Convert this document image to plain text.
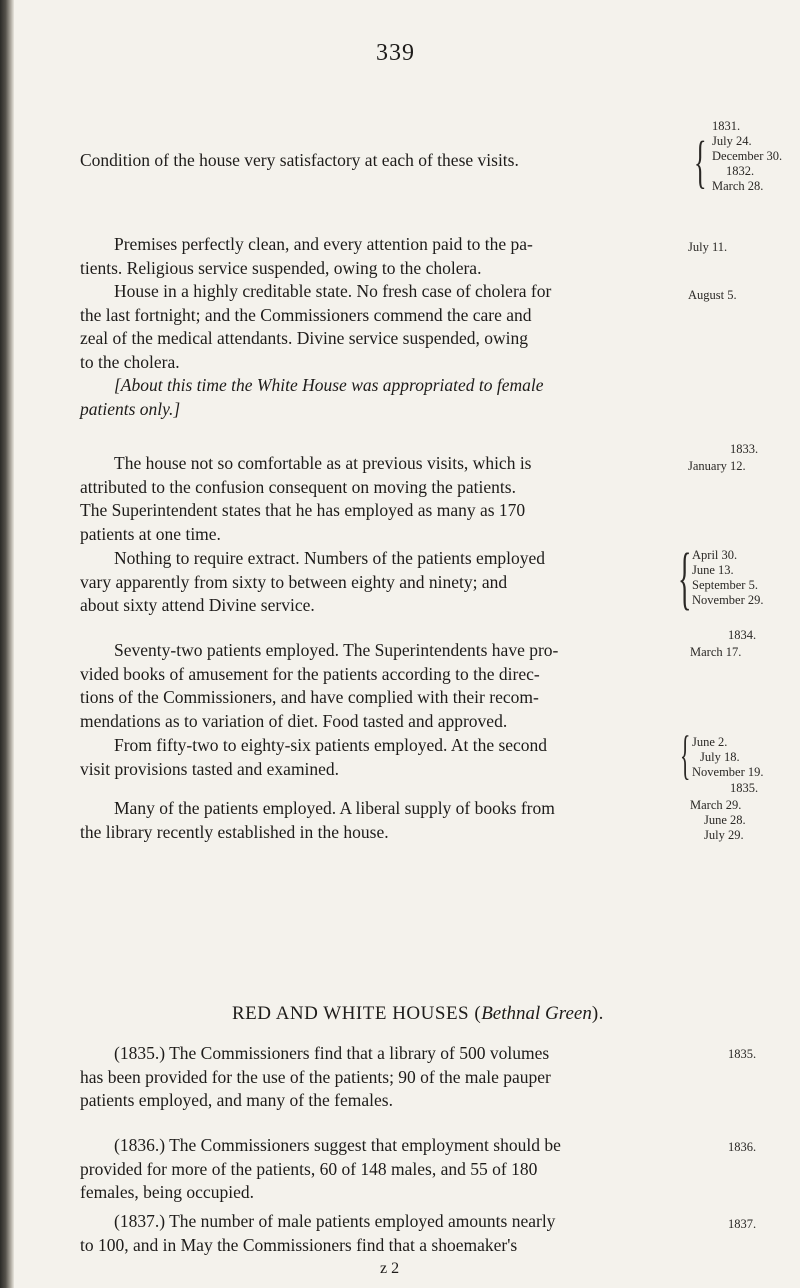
339
Condition of the house very satisfactory at each of these visits.
1831.
{ July 24.
December 30.
1832.
March 28.

Premises perfectly clean, and every attention paid to the pa-

tients. Religious service suspended, owing to the cholera.

House in a highly creditable state. No fresh case of cholera for

the last fortnight; and the Commissioners commend the care and

zeal of the medical attendants. Divine service suspended, owing

to the cholera.

[About this time the White House was appropriated to female

patients only.]

July 11.
August 5.
1833.
January 12.

The house not so comfortable as at previous visits, which is

attributed to the confusion consequent on moving the patients.

The Superintendent states that he has employed as many as 170

patients at one time.

Nothing to require extract. Numbers of the patients employed

vary apparently from sixty to between eighty and ninety; and

about sixty attend Divine service.	{ April 30.
June 13.
September 5.
November 29.
1834.
March 17.

Seventy-two patients employed. The Superintendents have pro-

vided books of amusement for the patients according to the direc-

tions of the Commissioners, and have complied with their recom-

mendations as to variation of diet. Food tasted and approved.

From fifty-two to eighty-six patients employed. At the second

visit provisions tasted and examined.	{ June 2.
July 18.
November 19.
1835.
March 29.
June 28.
July 29.

Many of the patients employed. A liberal supply of books from

the library recently established in the house.

RED AND WHITE HOUSES (Bethnal Green).

(1835.) The Commissioners find that a library of 500 volumes

has been provided for the use of the patients; 90 of the male pauper

patients employed, and many of the females.

1835.

(1836.) The Commissioners suggest that employment should be

provided for more of the patients, 60 of 148 males, and 55 of 180

females, being occupied.

1836.

(1837.) The number of male patients employed amounts nearly

to 100, and in May the Commissioners find that a shoemaker's

1837.
z 2
